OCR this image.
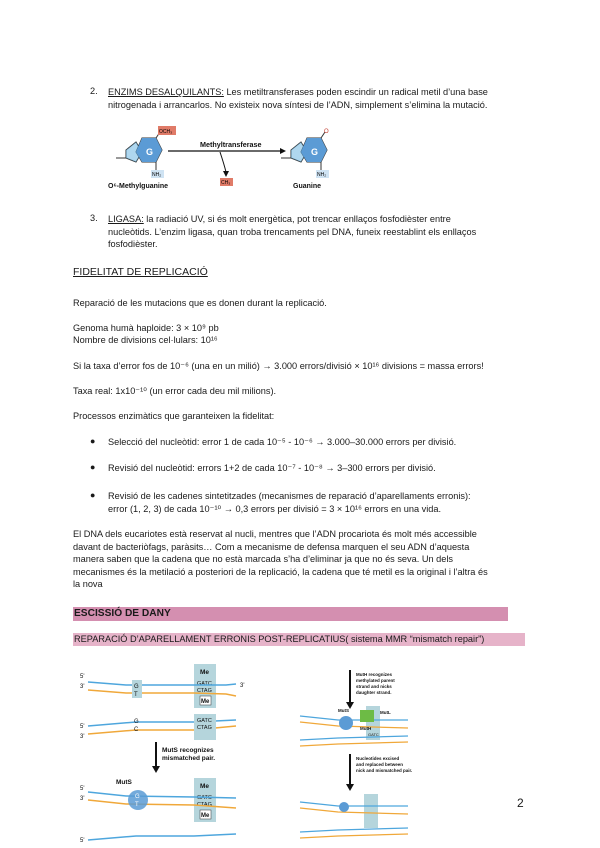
2. ENZIMS DESALQUILANTS: Les metiltransferases poden escindir un radical metil d’una base
nitrogenada i arrancarlos. No existeix nova síntesi de l’ADN, simplement s’elimina la mutació.
G
OCH₃
NH₂
O⁶-Methylguanine
Methyltransferase
CH₃
G
O
NH₂
Guanine
3. LIGASA: la radiació UV, si és molt energètica, pot trencar enllaços fosfodièster entre
nucleòtids. L’enzim ligasa, quan troba trencaments pel DNA, funeix reestablint els enllaços
fosfodièster.
FIDELITAT DE REPLICACIÓ
Reparació de les mutacions que es donen durant la replicació.
Genoma humà haploide: 3 × 10⁹ pb
Nombre de divisions cel·lulars: 10¹⁶
Si la taxa d’error fos de 10⁻⁶ (una en un milió) → 3.000 errors/divisió × 10¹⁶ divisions = massa errors!
Taxa real: 1x10⁻¹⁰ (un error cada deu mil milions).
Processos enzimàtics que garanteixen la fidelitat:
● Selecció del nucleòtid: error 1 de cada 10⁻⁵ - 10⁻⁶ → 3.000–30.000 errors per divisió.
● Revisió del nucleòtid: errors 1+2 de cada 10⁻⁷ - 10⁻⁸ → 3–300 errors per divisió.
● Revisió de les cadenes sintetitzades (mecanismes de reparació d’aparellaments erronis):
error (1, 2, 3) de cada 10⁻¹⁰ → 0,3 errors per divisió = 3 × 10¹⁶ errors en una vida.
El DNA dels eucariotes està reservat al nucli, mentres que l’ADN procariota és molt més accessible
davant de bacteriòfags, paràsits… Com a mecanisme de defensa marquen el seu ADN d’aquesta
manera saben que la cadena que no està marcada s’ha d’eliminar ja que no és seva. Un dels
mecanismes és la metilació a posteriori de la replicació, la cadena que té metil es la original i l’altra és
la nova
ESCISSIÓ DE DANY
REPARACIÓ D’APARELLAMENT ERRONIS POST-REPLICATIUS( sistema MMR “mismatch repair”)
Me
GATC
CTAG
Me
G
T
5'
3'	3'
GATC
CTAG
G
C
5'
3'
MutS recognizes
mismatched pair.
Me
GATC
CTAG
Me
G
T
MutS
5'
3'
5'
MutH recognizes
methylated parent
strand and nicks
daughter strand.
MutS	MutL
MutH
GATC
Nucleotides excised
and replaced between
nick and mismatched pair.
2
